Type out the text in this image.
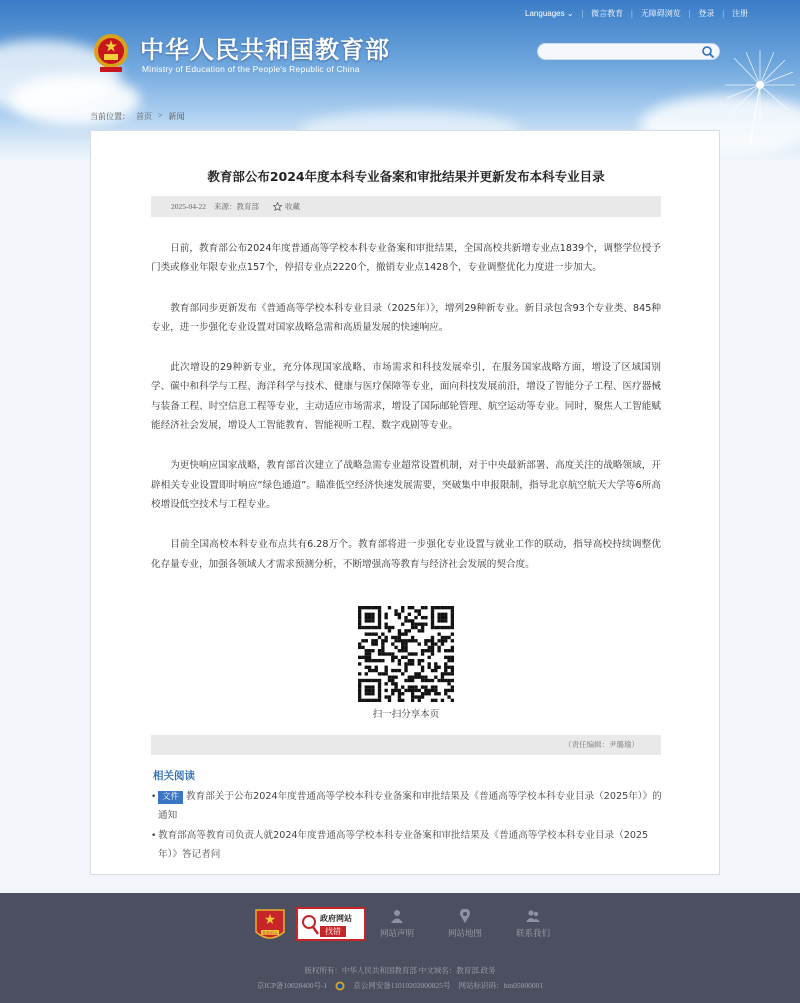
中华人民共和国教育部
Ministry of Education of the People's Republic of China
Languages ⌄ | 微言教育 | 无障碍浏览 | 登录 | 注册
当前位置： 首页 > 新闻
教育部公布2024年度本科专业备案和审批结果并更新发布本科专业目录
2025-04-22 来源：教育部	收藏

日前，教育部公布2024年度普通高等学校本科专业备案和审批结果，全国高校共新增专业点1839个，调整学位授予门类或修业年限专业点157个，停招专业点2220个，撤销专业点1428个，专业调整优化力度进一步加大。

教育部同步更新发布《普通高等学校本科专业目录（2025年）》，增列29种新专业。新目录包含93个专业类、845种专业，进一步强化专业设置对国家战略急需和高质量发展的快速响应。

此次增设的29种新专业，充分体现国家战略、市场需求和科技发展牵引，在服务国家战略方面，增设了区域国别学、碳中和科学与工程、海洋科学与技术、健康与医疗保障等专业，面向科技发展前沿，增设了智能分子工程、医疗器械与装备工程、时空信息工程等专业，主动适应市场需求，增设了国际邮轮管理、航空运动等专业。同时，聚焦人工智能赋能经济社会发展，增设人工智能教育、智能视听工程、数字戏剧等专业。

为更快响应国家战略，教育部首次建立了战略急需专业超常设置机制，对于中央最新部署、高度关注的战略领域，开辟相关专业设置即时响应“绿色通道”。瞄准低空经济快速发展需要，突破集中申报限制，指导北京航空航天大学等6所高校增设低空技术与工程专业。

目前全国高校本科专业布点共有6.28万个。教育部将进一步强化专业设置与就业工作的联动，指导高校持续调整优化存量专业，加强各领域人才需求预测分析，不断增强高等教育与经济社会发展的契合度。

扫一扫分享本页
（责任编辑：尹璐瑜）
相关阅读
• 文件 教育部关于公布2024年度普通高等学校本科专业备案和审批结果及《普通高等学校本科专业目录（2025年）》的通知
• 教育部高等教育司负责人就2024年度普通高等学校本科专业备案和审批结果及《普通高等学校本科专业目录（2025年）》答记者问
党政机关
政府网站
找错	网站声明	网站地图	联系我们
版权所有：中华人民共和国教育部 中文域名：教育部.政务
京ICP备10028400号-1	京公网安备11010202000825号 网站标识码：bm05000001
